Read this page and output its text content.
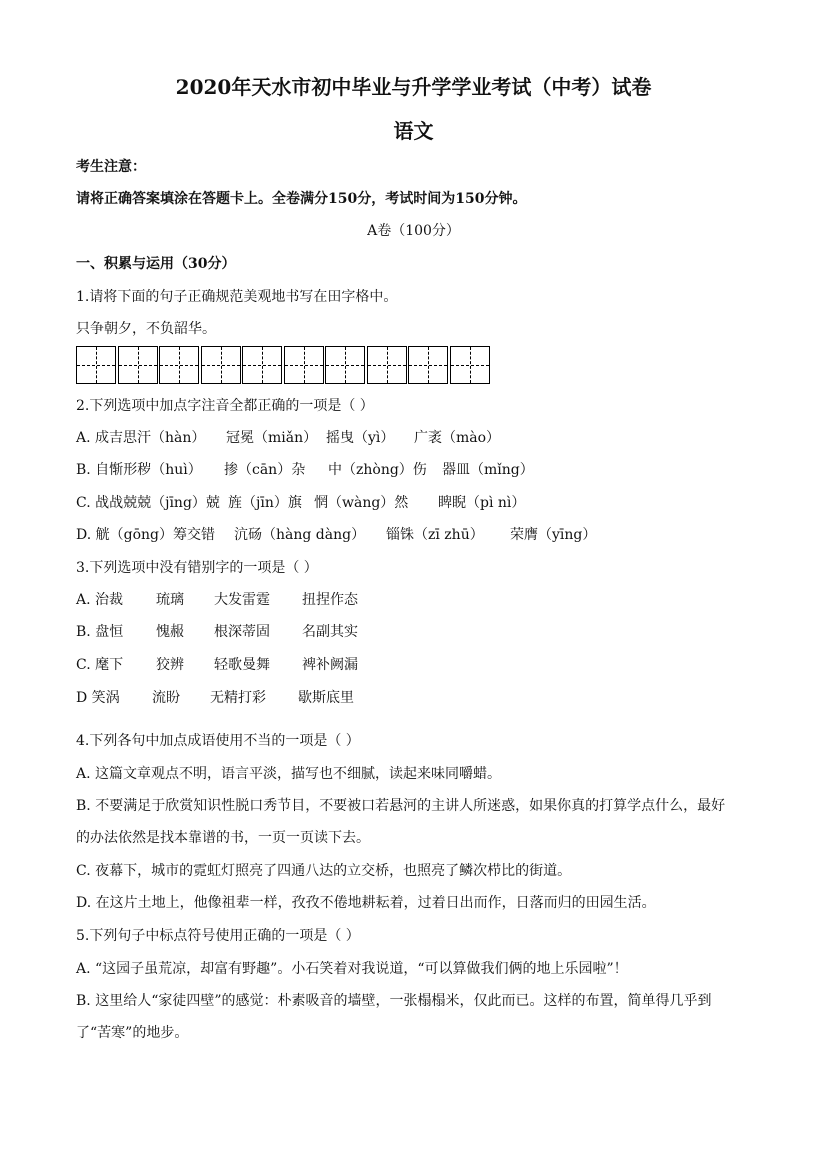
2020年天水市初中毕业与升学学业考试（中考）试卷
语文
考生注意：
请将正确答案填涂在答题卡上。全卷满分150分，考试时间为150分钟。
A卷（100分）
一、积累与运用（30分）
1.请将下面的句子正确规范美观地书写在田字格中。
只争朝夕，不负韶华。
2.下列选项中加点字注音全都正确的一项是（ ）
A. 成吉思汗（hàn） 冠冕（miǎn） 摇曳（yì） 广袤（mào）
B. 自惭形秽（huì） 掺（cān）杂 中（zhòng）伤 器皿（mǐng）
C. 战战兢兢（jīng）兢 旌（jīn）旗 惘（wàng）然 睥睨（pì nì）
D. 觥（gōng）筹交错 沆砀（hàng dàng） 锱铢（zī zhū） 荣膺（yīng）
3.下列选项中没有错别字的一项是（ ）
A. 治裁 琉璃 大发雷霆 扭捏作态
B. 盘恒 愧赧 根深蒂固 名副其实
C. 麾下 狡辨 轻歌曼舞 裨补阙漏
D 笑涡 流盼 无精打彩 歇斯底里
4.下列各句中加点成语使用不当的一项是（ ）
A. 这篇文章观点不明，语言平淡，描写也不细腻，读起来味同嚼蜡。
B. 不要满足于欣赏知识性脱口秀节目，不要被口若悬河的主讲人所迷惑，如果你真的打算学点什么，最好
的办法依然是找本靠谱的书，一页一页读下去。
C. 夜幕下，城市的霓虹灯照亮了四通八达的立交桥，也照亮了鳞次栉比的街道。
D. 在这片土地上，他像祖辈一样，孜孜不倦地耕耘着，过着日出而作，日落而归的田园生活。
5.下列句子中标点符号使用正确的一项是（ ）
A. “这园子虽荒凉，却富有野趣”。小石笑着对我说道，“可以算做我们俩的地上乐园啦”！
B. 这里给人“家徒四壁”的感觉：朴素吸音的墙壁，一张榻榻米，仅此而已。这样的布置，简单得几乎到
了“苦寒”的地步。
